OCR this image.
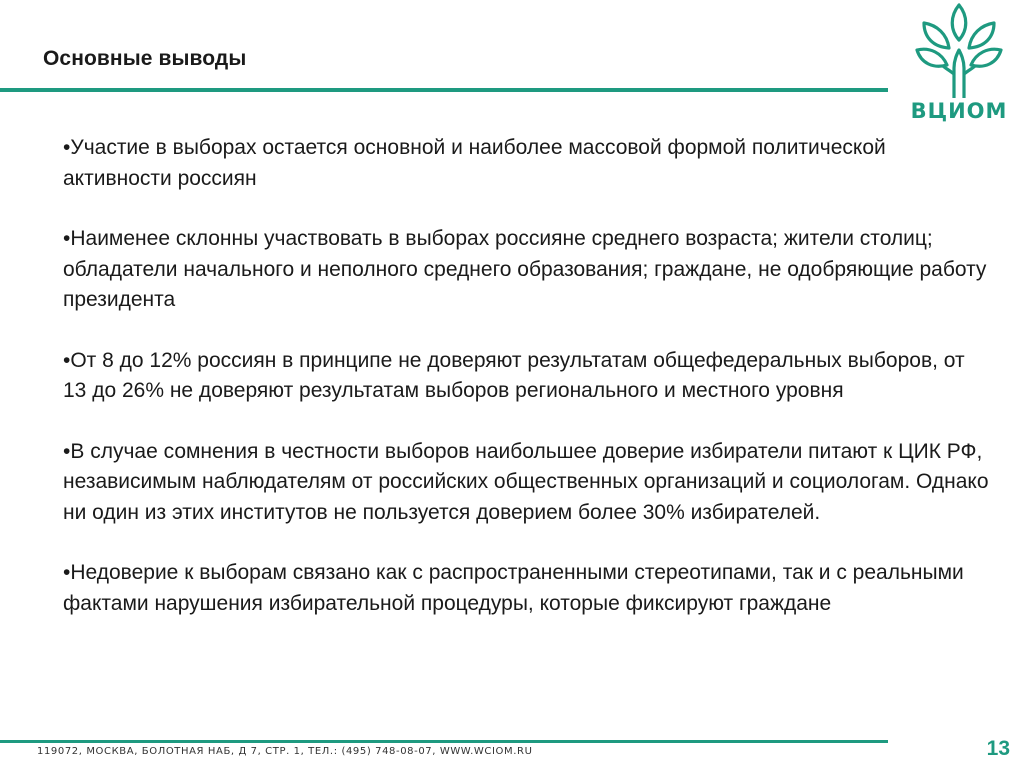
Основные выводы
ВЦИОМ
•Участие в выборах остается основной и наиболее массовой формой политической активности россиян
•Наименее склонны участвовать в выборах россияне среднего возраста; жители столиц; обладатели начального и неполного среднего образования; граждане, не одобряющие работу президента
•От 8 до 12% россиян в принципе не доверяют результатам общефедеральных выборов, от 13 до 26% не доверяют результатам выборов регионального и местного уровня
•В случае сомнения в честности выборов наибольшее доверие избиратели питают к ЦИК РФ, независимым наблюдателям от российских общественных организаций и социологам. Однако ни один из этих институтов не пользуется доверием более 30% избирателей.
•Недоверие к выборам связано как с распространенными стереотипами, так и с реальными фактами нарушения избирательной процедуры, которые фиксируют граждане
119072, МОСКВА, БОЛОТНАЯ НАБ, Д 7, СТР. 1, ТЕЛ.: (495) 748-08-07, WWW.WCIOM.RU	13
